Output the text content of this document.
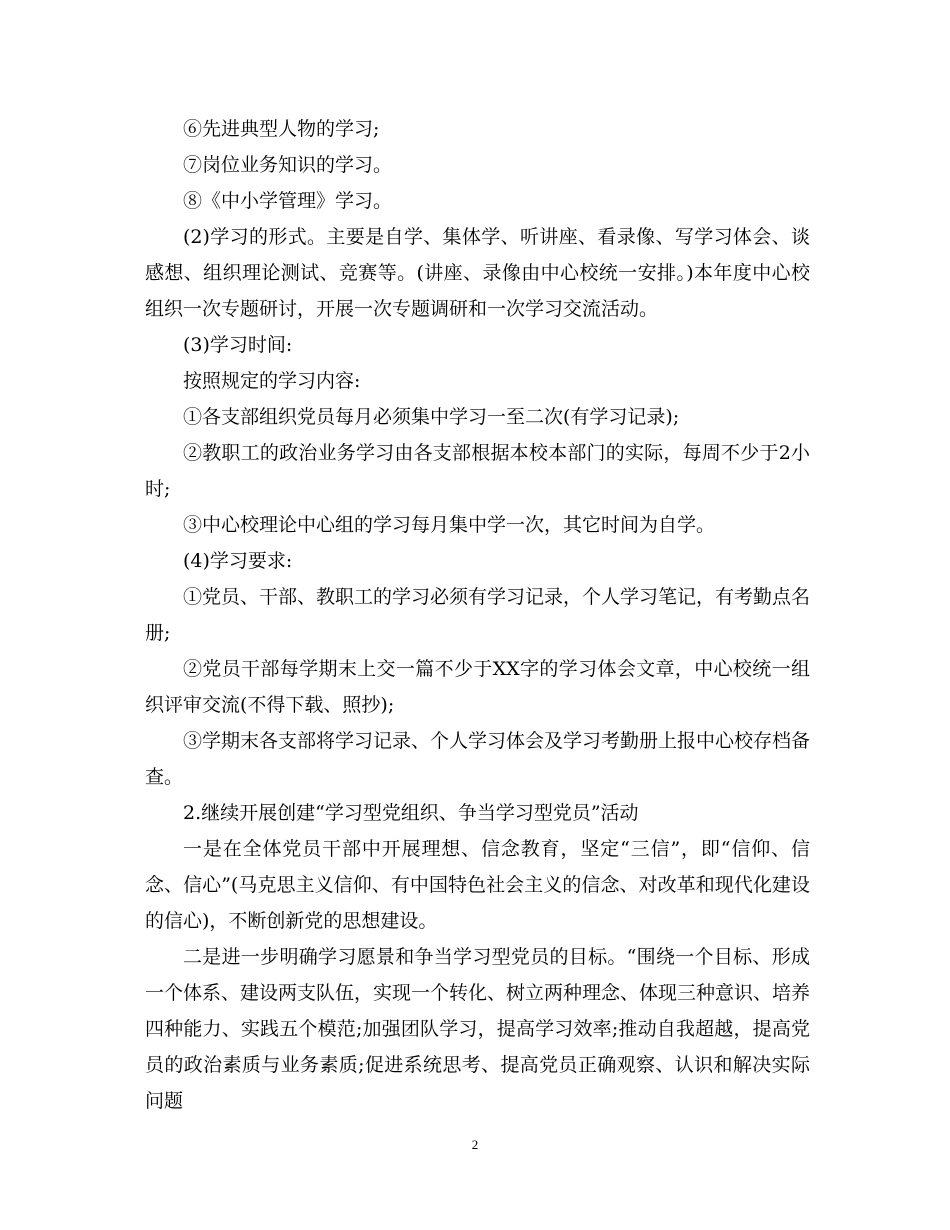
⑥先进典型人物的学习;

⑦岗位业务知识的学习。

⑧《中小学管理》学习。

(2)学习的形式。主要是自学、集体学、听讲座、看录像、写学习体会、谈感想、组织理论测试、竞赛等。(讲座、录像由中心校统一安排。)本年度中心校组织一次专题研讨，开展一次专题调研和一次学习交流活动。

(3)学习时间:

按照规定的学习内容:

①各支部组织党员每月必须集中学习一至二次(有学习记录);

②教职工的政治业务学习由各支部根据本校本部门的实际，每周不少于2小时;

③中心校理论中心组的学习每月集中学一次，其它时间为自学。

(4)学习要求:

①党员、干部、教职工的学习必须有学习记录，个人学习笔记，有考勤点名册;

②党员干部每学期末上交一篇不少于XX字的学习体会文章，中心校统一组织评审交流(不得下载、照抄);

③学期末各支部将学习记录、个人学习体会及学习考勤册上报中心校存档备查。

2.继续开展创建“学习型党组织、争当学习型党员”活动

一是在全体党员干部中开展理想、信念教育，坚定“三信”，即“信仰、信念、信心”(马克思主义信仰、有中国特色社会主义的信念、对改革和现代化建设的信心)，不断创新党的思想建设。

二是进一步明确学习愿景和争当学习型党员的目标。“围绕一个目标、形成一个体系、建设两支队伍，实现一个转化、树立两种理念、体现三种意识、培养四种能力、实践五个模范;加强团队学习，提高学习效率;推动自我超越，提高党员的政治素质与业务素质;促进系统思考、提高党员正确观察、认识和解决实际问题

2
